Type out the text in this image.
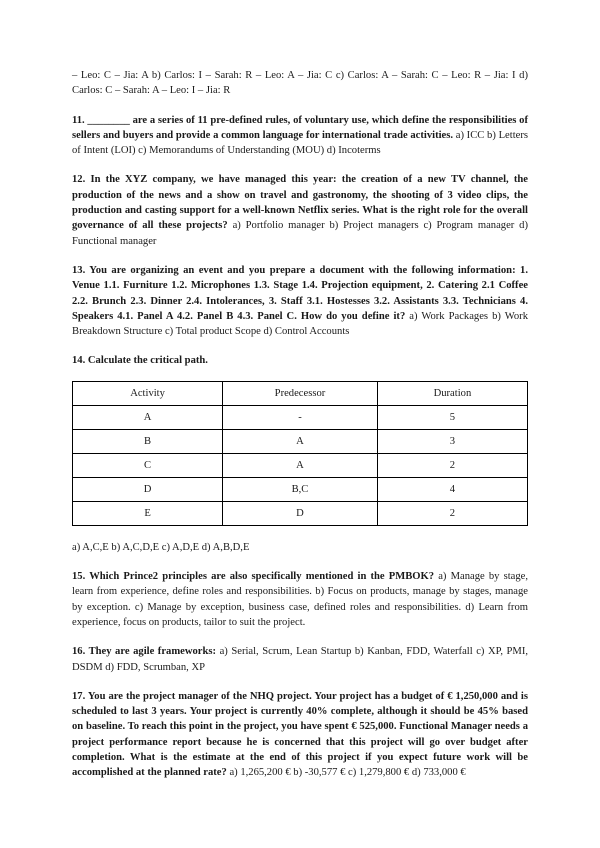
– Leo: C – Jia: A b) Carlos: I – Sarah: R – Leo: A – Jia: C c) Carlos: A – Sarah: C – Leo: R – Jia: I d) Carlos: C – Sarah: A – Leo: I – Jia: R

11. ________ are a series of 11 pre-defined rules, of voluntary use, which define the responsibilities of sellers and buyers and provide a common language for international trade activities. a) ICC b) Letters of Intent (LOI) c) Memorandums of Understanding (MOU) d) Incoterms

12. In the XYZ company, we have managed this year: the creation of a new TV channel, the production of the news and a show on travel and gastronomy, the shooting of 3 video clips, the production and casting support for a well-known Netflix series. What is the right role for the overall governance of all these projects? a) Portfolio manager b) Project managers c) Program manager d) Functional manager

13. You are organizing an event and you prepare a document with the following information: 1. Venue 1.1. Furniture 1.2. Microphones 1.3. Stage 1.4. Projection equipment, 2. Catering 2.1 Coffee 2.2. Brunch 2.3. Dinner 2.4. Intolerances, 3. Staff 3.1. Hostesses 3.2. Assistants 3.3. Technicians 4. Speakers 4.1. Panel A 4.2. Panel B 4.3. Panel C. How do you define it? a) Work Packages b) Work Breakdown Structure c) Total product Scope d) Control Accounts

14. Calculate the critical path.

Activity	Predecessor	Duration
A	-	5
B	A	3
C	A	2
D	B,C	4
E	D	2

a) A,C,E b) A,C,D,E c) A,D,E d) A,B,D,E

15. Which Prince2 principles are also specifically mentioned in the PMBOK? a) Manage by stage, learn from experience, define roles and responsibilities. b) Focus on products, manage by stages, manage by exception. c) Manage by exception, business case, defined roles and responsibilities. d) Learn from experience, focus on products, tailor to suit the project.

16. They are agile frameworks: a) Serial, Scrum, Lean Startup b) Kanban, FDD, Waterfall c) XP, PMI, DSDM d) FDD, Scrumban, XP

17. You are the project manager of the NHQ project. Your project has a budget of € 1,250,000 and is scheduled to last 3 years. Your project is currently 40% complete, although it should be 45% based on baseline. To reach this point in the project, you have spent € 525,000. Functional Manager needs a project performance report because he is concerned that this project will go over budget after completion. What is the estimate at the end of this project if you expect future work will be accomplished at the planned rate? a) 1,265,200 € b) -30,577 € c) 1,279,800 € d) 733,000 €
